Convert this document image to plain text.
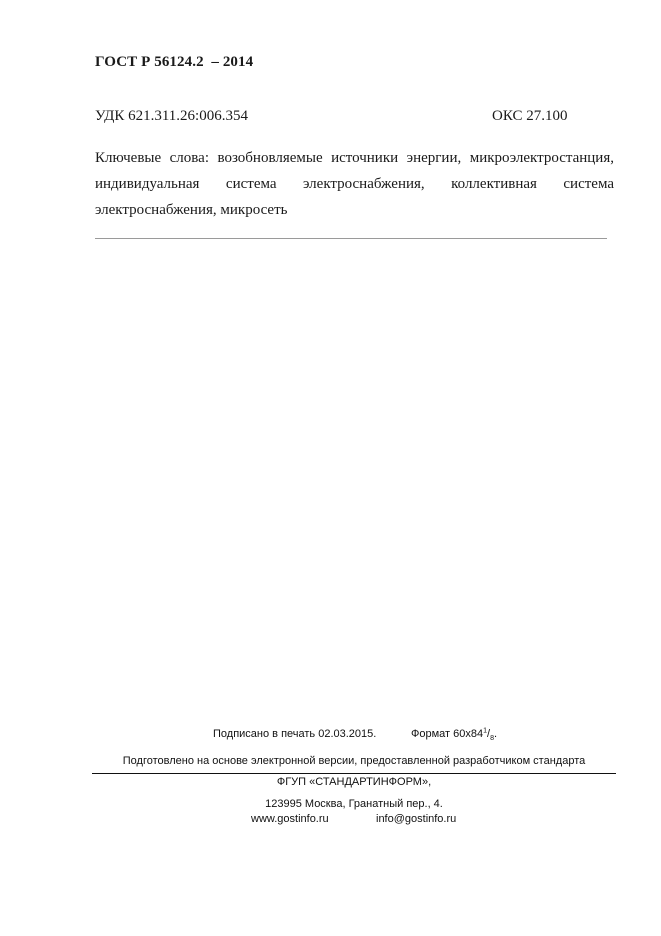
ГОСТ Р 56124.2  – 2014
УДК 621.311.26:006.354	ОКС 27.100
Ключевые слова: возобновляемые источники энергии, микроэлектростанция, индивидуальная система электроснабжения, коллективная система электроснабжения, микросеть
Подписано в печать 02.03.2015.	Формат $60х84^1/_8$.
Подготовлено на основе электронной версии, предоставленной разработчиком стандарта
ФГУП «СТАНДАРТИНФОРМ»,
123995 Москва, Гранатный пер., 4.
www.gostinfo.ru	info@gostinfo.ru
